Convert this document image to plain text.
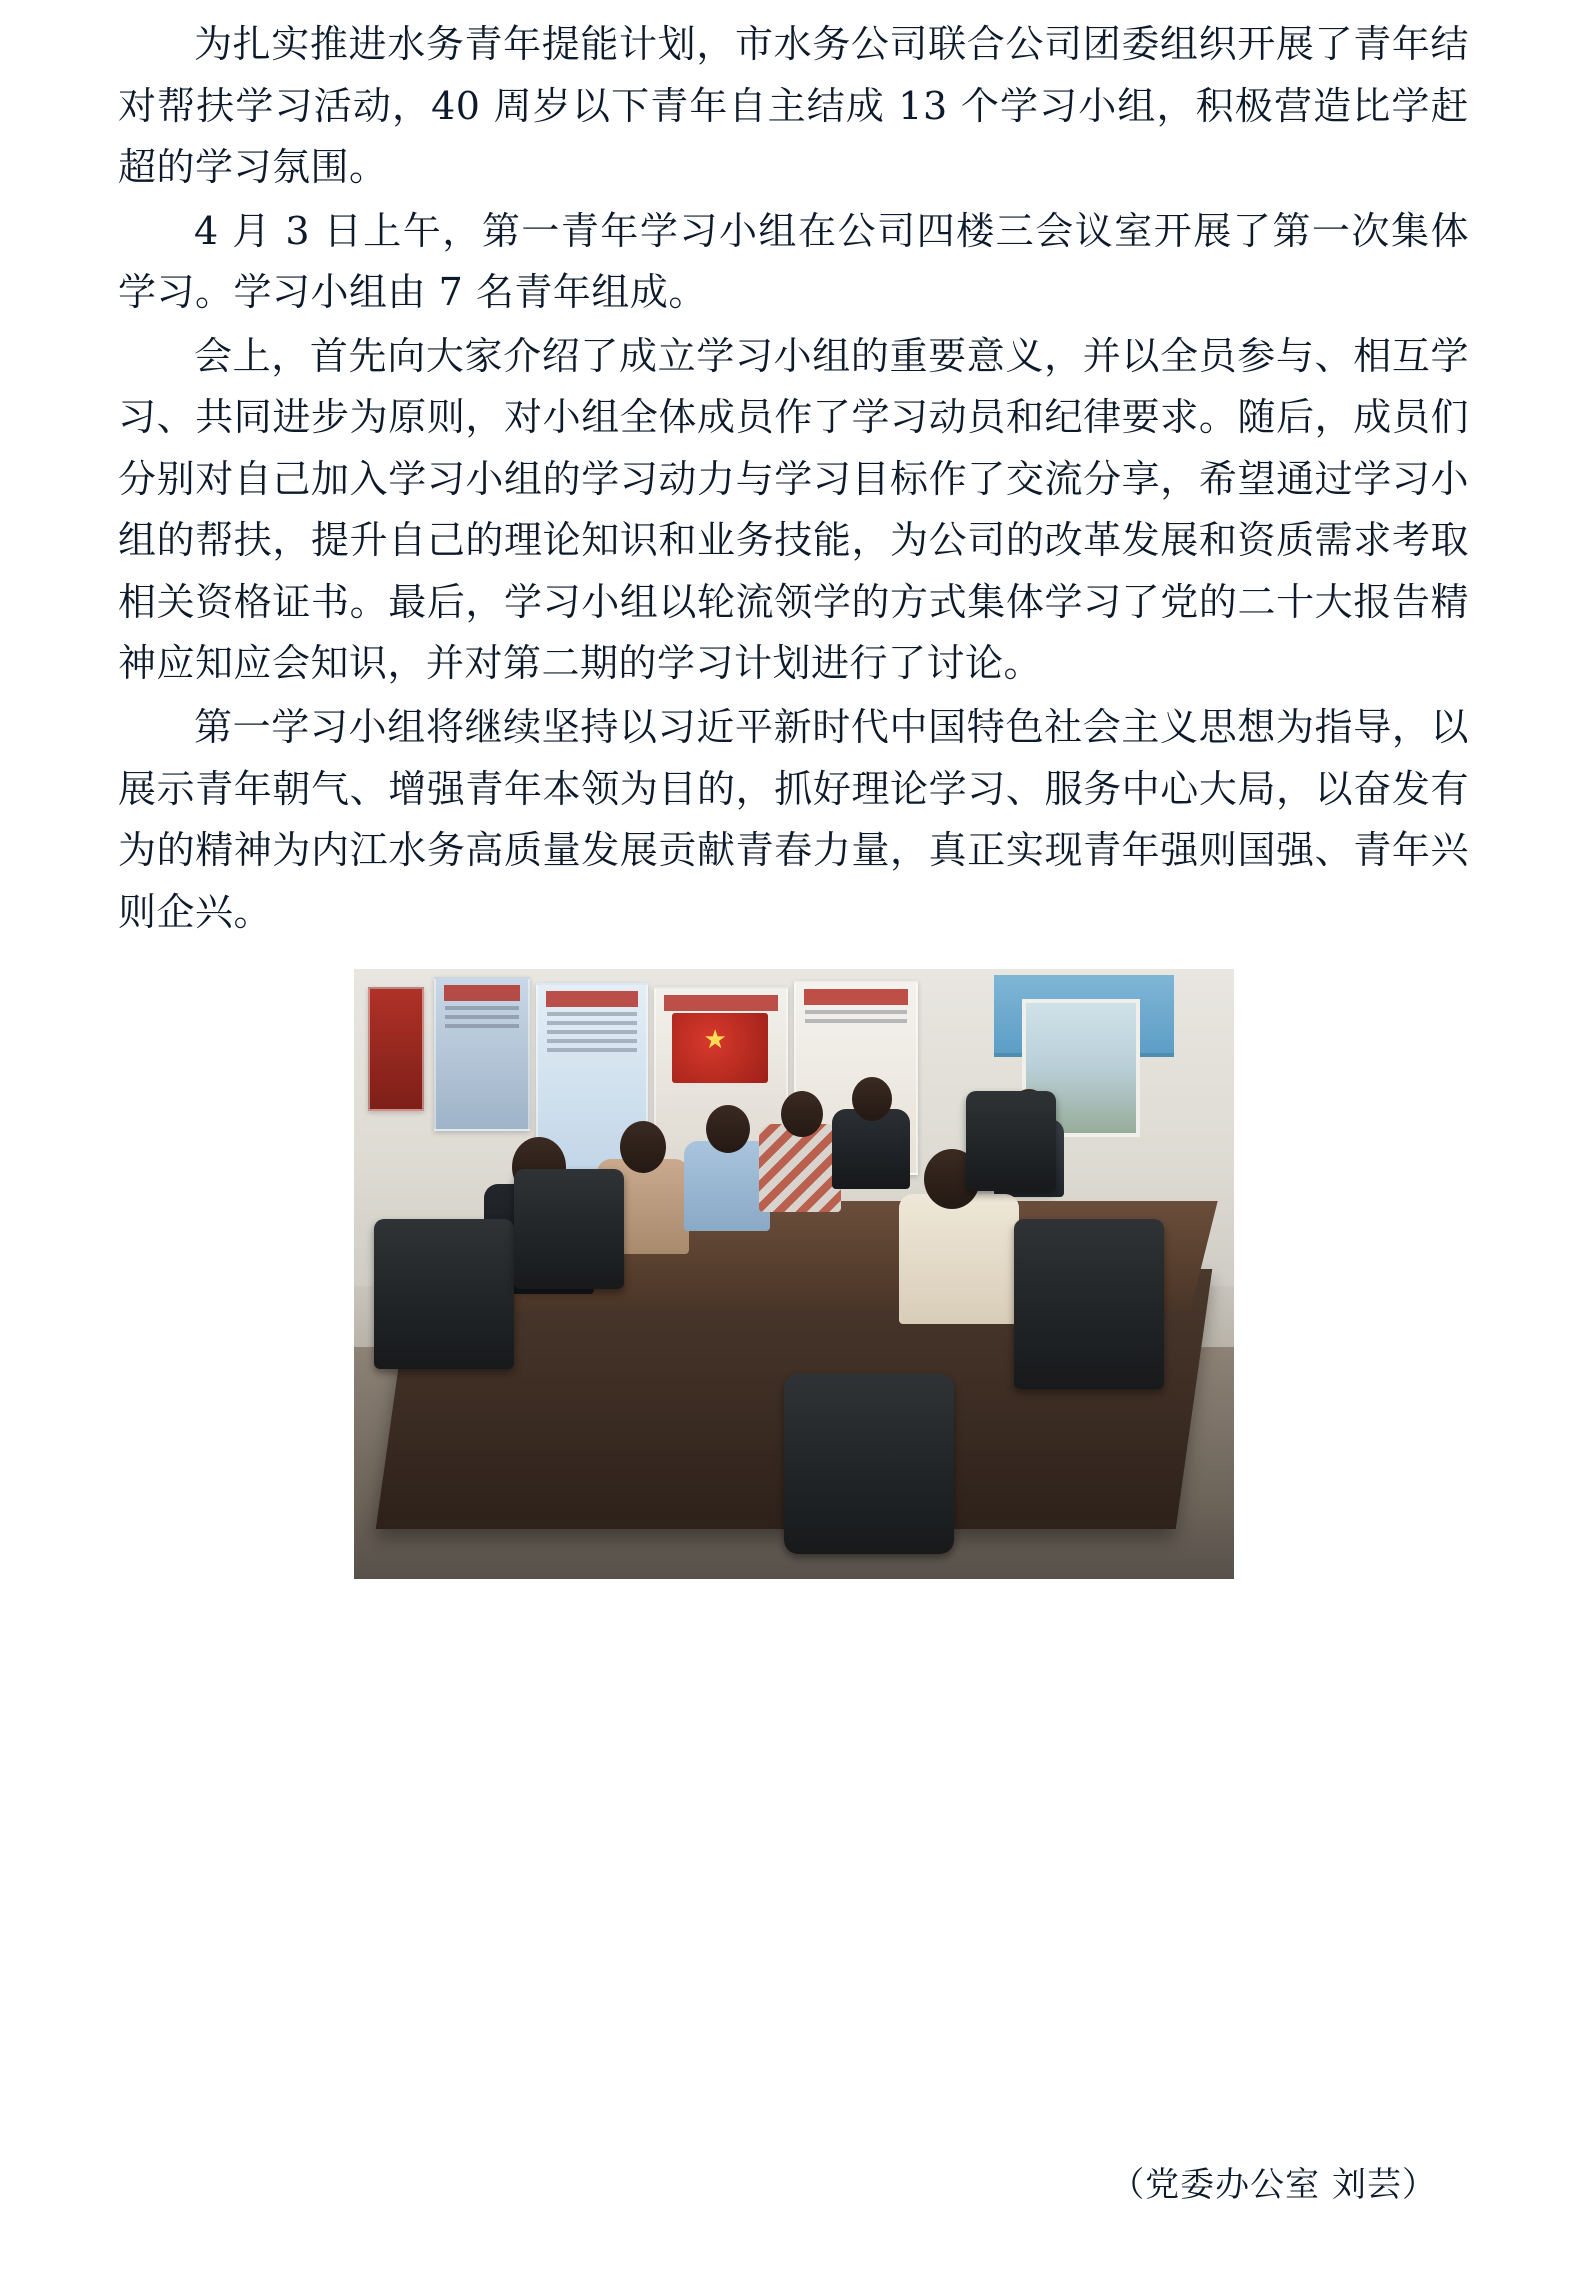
为扎实推进水务青年提能计划，市水务公司联合公司团委组织开展了青年结对帮扶学习活动，40 周岁以下青年自主结成 13 个学习小组，积极营造比学赶超的学习氛围。

4 月 3 日上午，第一青年学习小组在公司四楼三会议室开展了第一次集体学习。学习小组由 7 名青年组成。

会上，首先向大家介绍了成立学习小组的重要意义，并以全员参与、相互学习、共同进步为原则，对小组全体成员作了学习动员和纪律要求。随后，成员们分别对自己加入学习小组的学习动力与学习目标作了交流分享，希望通过学习小组的帮扶，提升自己的理论知识和业务技能，为公司的改革发展和资质需求考取相关资格证书。最后，学习小组以轮流领学的方式集体学习了党的二十大报告精神应知应会知识，并对第二期的学习计划进行了讨论。

第一学习小组将继续坚持以习近平新时代中国特色社会主义思想为指导，以展示青年朝气、增强青年本领为目的，抓好理论学习、服务中心大局，以奋发有为的精神为内江水务高质量发展贡献青春力量，真正实现青年强则国强、青年兴则企兴。

★
（党委办公室 刘芸）
